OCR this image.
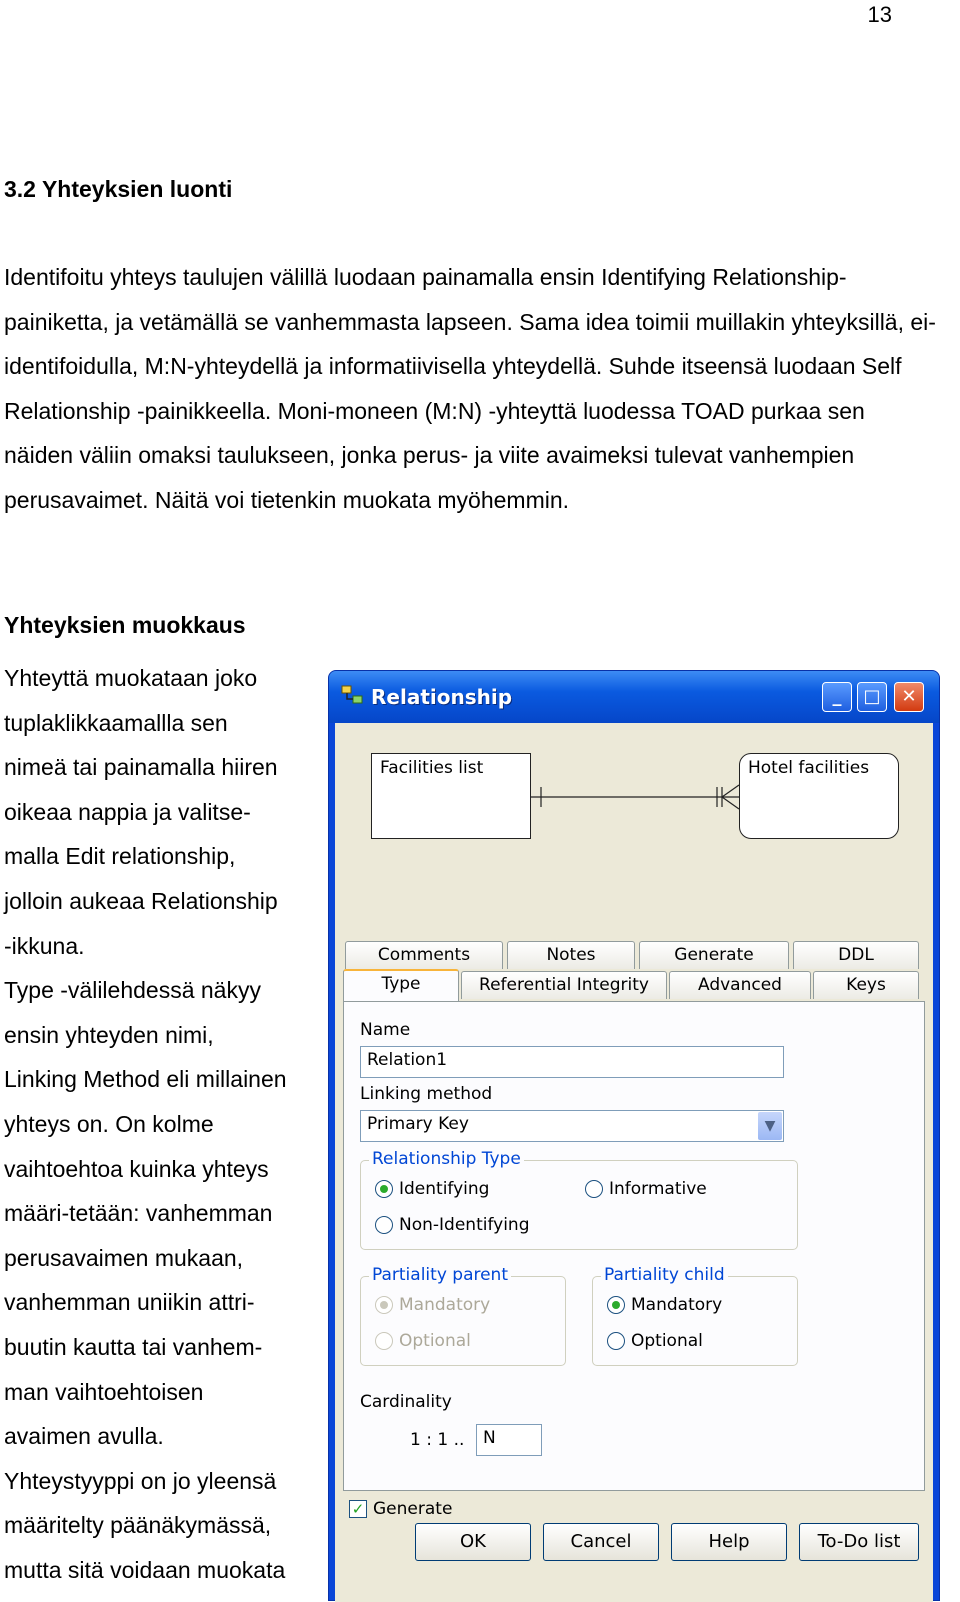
13
3.2 Yhteyksien luonti

Identifoitu yhteys taulujen välillä luodaan painamalla ensin Identifying Relationship-painiketta, ja vetämällä se vanhemmasta lapseen. Sama idea toimii muillakin yhteyksillä, ei-identifoidulla, M:N-yhteydellä ja informatiivisella yhteydellä. Suhde itseensä luodaan Self Relationship -painikkeella. Moni-moneen (M:N) -yhteyttä luodessa TOAD purkaa sen näiden väliin omaksi taulukseen, jonka perus- ja viite avaimeksi tulevat vanhempien perusavaimet. Näitä voi tietenkin muokata myöhemmin.

Yhteyksien muokkaus

Yhteyttä muokataan joko
tuplaklikkaamallla sen
nimeä tai painamalla hiiren
oikeaa nappia ja valitse-
malla Edit relationship,
jolloin aukeaa Relationship
-ikkuna.
Type -välilehdessä näkyy
ensin yhteyden nimi,
Linking Method eli millainen
yhteys on. On kolme
vaihtoehtoa kuinka yhteys
määri-tetään: vanhemman
perusavaimen mukaan,
vanhemman uniikin attri-
buutin kautta tai vanhem-
man vaihtoehtoisen
avaimen avulla.
Yhteystyyppi on jo yleensä
määritelty päänäkymässä,
mutta sitä voidaan muokata

Relationship	_	□	✕
Facilities list	Hotel facilities
Comments	Notes	Generate	DDL
Type	Referential Integrity	Advanced	Keys
Name
Relation1
Linking method
Primary Key	▼
Relationship Type
Identifying	Informative
Non-Identifying
Partiality parent
Mandatory
Optional
Partiality child
Mandatory
Optional
Cardinality
1 : 1 ..	N
✓ Generate
OK	Cancel	Help	To-Do list
